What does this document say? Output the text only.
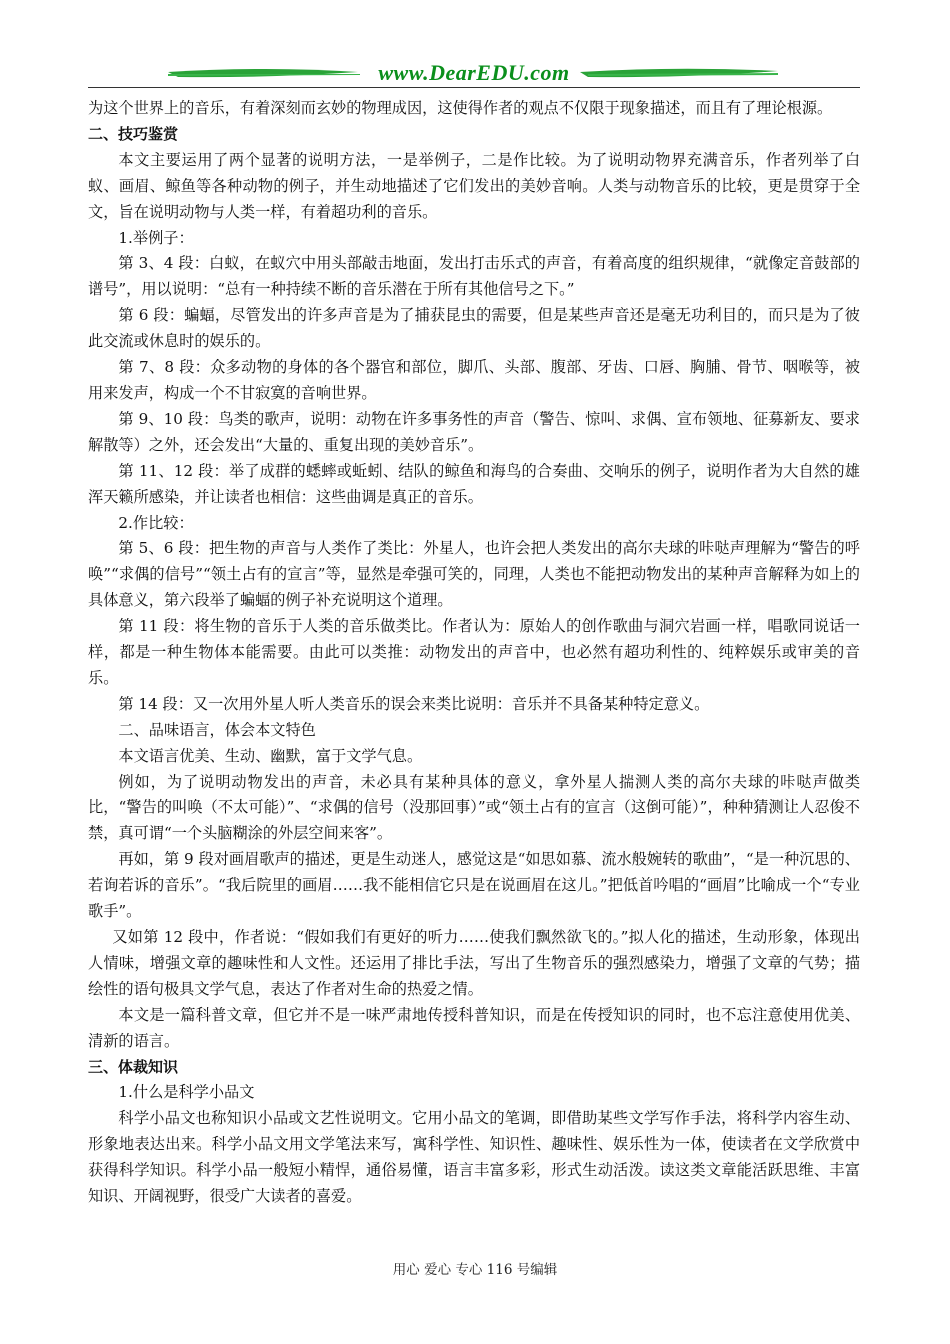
www.DearEDU.com

为这个世界上的音乐，有着深刻而玄妙的物理成因，这使得作者的观点不仅限于现象描述，而且有了理论根源。

二、技巧鉴赏

本文主要运用了两个显著的说明方法，一是举例子，二是作比较。为了说明动物界充满音乐，作者列举了白蚁、画眉、鲸鱼等各种动物的例子，并生动地描述了它们发出的美妙音响。人类与动物音乐的比较，更是贯穿于全文，旨在说明动物与人类一样，有着超功利的音乐。

1.举例子：

第 3、4 段：白蚁，在蚁穴中用头部敲击地面，发出打击乐式的声音，有着高度的组织规律，“就像定音鼓部的谱号”，用以说明：“总有一种持续不断的音乐潜在于所有其他信号之下。”

第 6 段：蝙蝠，尽管发出的许多声音是为了捕获昆虫的需要，但是某些声音还是毫无功利目的，而只是为了彼此交流或休息时的娱乐的。

第 7、8 段：众多动物的身体的各个器官和部位，脚爪、头部、腹部、牙齿、口唇、胸脯、骨节、咽喉等，被用来发声，构成一个不甘寂寞的音响世界。

第 9、10 段：鸟类的歌声，说明：动物在许多事务性的声音（警告、惊叫、求偶、宣布领地、征募新友、要求解散等）之外，还会发出“大量的、重复出现的美妙音乐”。

第 11、12 段：举了成群的蟋蟀或蚯蚓、结队的鲸鱼和海鸟的合奏曲、交响乐的例子，说明作者为大自然的雄浑天籁所感染，并让读者也相信：这些曲调是真正的音乐。

2.作比较：

第 5、6 段：把生物的声音与人类作了类比：外星人，也许会把人类发出的高尔夫球的咔哒声理解为“警告的呼唤”“求偶的信号”“领土占有的宣言”等，显然是牵强可笑的，同理，人类也不能把动物发出的某种声音解释为如上的具体意义，第六段举了蝙蝠的例子补充说明这个道理。

第 11 段：将生物的音乐于人类的音乐做类比。作者认为：原始人的创作歌曲与洞穴岩画一样，唱歌同说话一样，都是一种生物体本能需要。由此可以类推：动物发出的声音中，也必然有超功利性的、纯粹娱乐或审美的音乐。

第 14 段：又一次用外星人听人类音乐的误会来类比说明：音乐并不具备某种特定意义。

二、品味语言，体会本文特色

本文语言优美、生动、幽默，富于文学气息。

例如，为了说明动物发出的声音，未必具有某种具体的意义，拿外星人揣测人类的高尔夫球的咔哒声做类比，“警告的叫唤（不太可能）”、“求偶的信号（没那回事）”或“领土占有的宣言（这倒可能）”，种种猜测让人忍俊不禁，真可谓“一个头脑糊涂的外层空间来客”。

再如，第 9 段对画眉歌声的描述，更是生动迷人，感觉这是“如思如慕、流水般婉转的歌曲”，“是一种沉思的、若询若诉的音乐”。“我后院里的画眉……我不能相信它只是在说画眉在这儿。”把低首吟唱的“画眉”比喻成一个“专业歌手”。

又如第 12 段中，作者说：“假如我们有更好的听力……使我们飘然欲飞的。”拟人化的描述，生动形象，体现出人情味，增强文章的趣味性和人文性。还运用了排比手法，写出了生物音乐的强烈感染力，增强了文章的气势；描绘性的语句极具文学气息，表达了作者对生命的热爱之情。

本文是一篇科普文章，但它并不是一味严肃地传授科普知识，而是在传授知识的同时，也不忘注意使用优美、清新的语言。

三、体裁知识

1.什么是科学小品文

科学小品文也称知识小品或文艺性说明文。它用小品文的笔调，即借助某些文学写作手法，将科学内容生动、形象地表达出来。科学小品文用文学笔法来写，寓科学性、知识性、趣味性、娱乐性为一体，使读者在文学欣赏中获得科学知识。科学小品一般短小精悍，通俗易懂，语言丰富多彩，形式生动活泼。读这类文章能活跃思维、丰富知识、开阔视野，很受广大读者的喜爱。

用心 爱心 专心 116 号编辑
